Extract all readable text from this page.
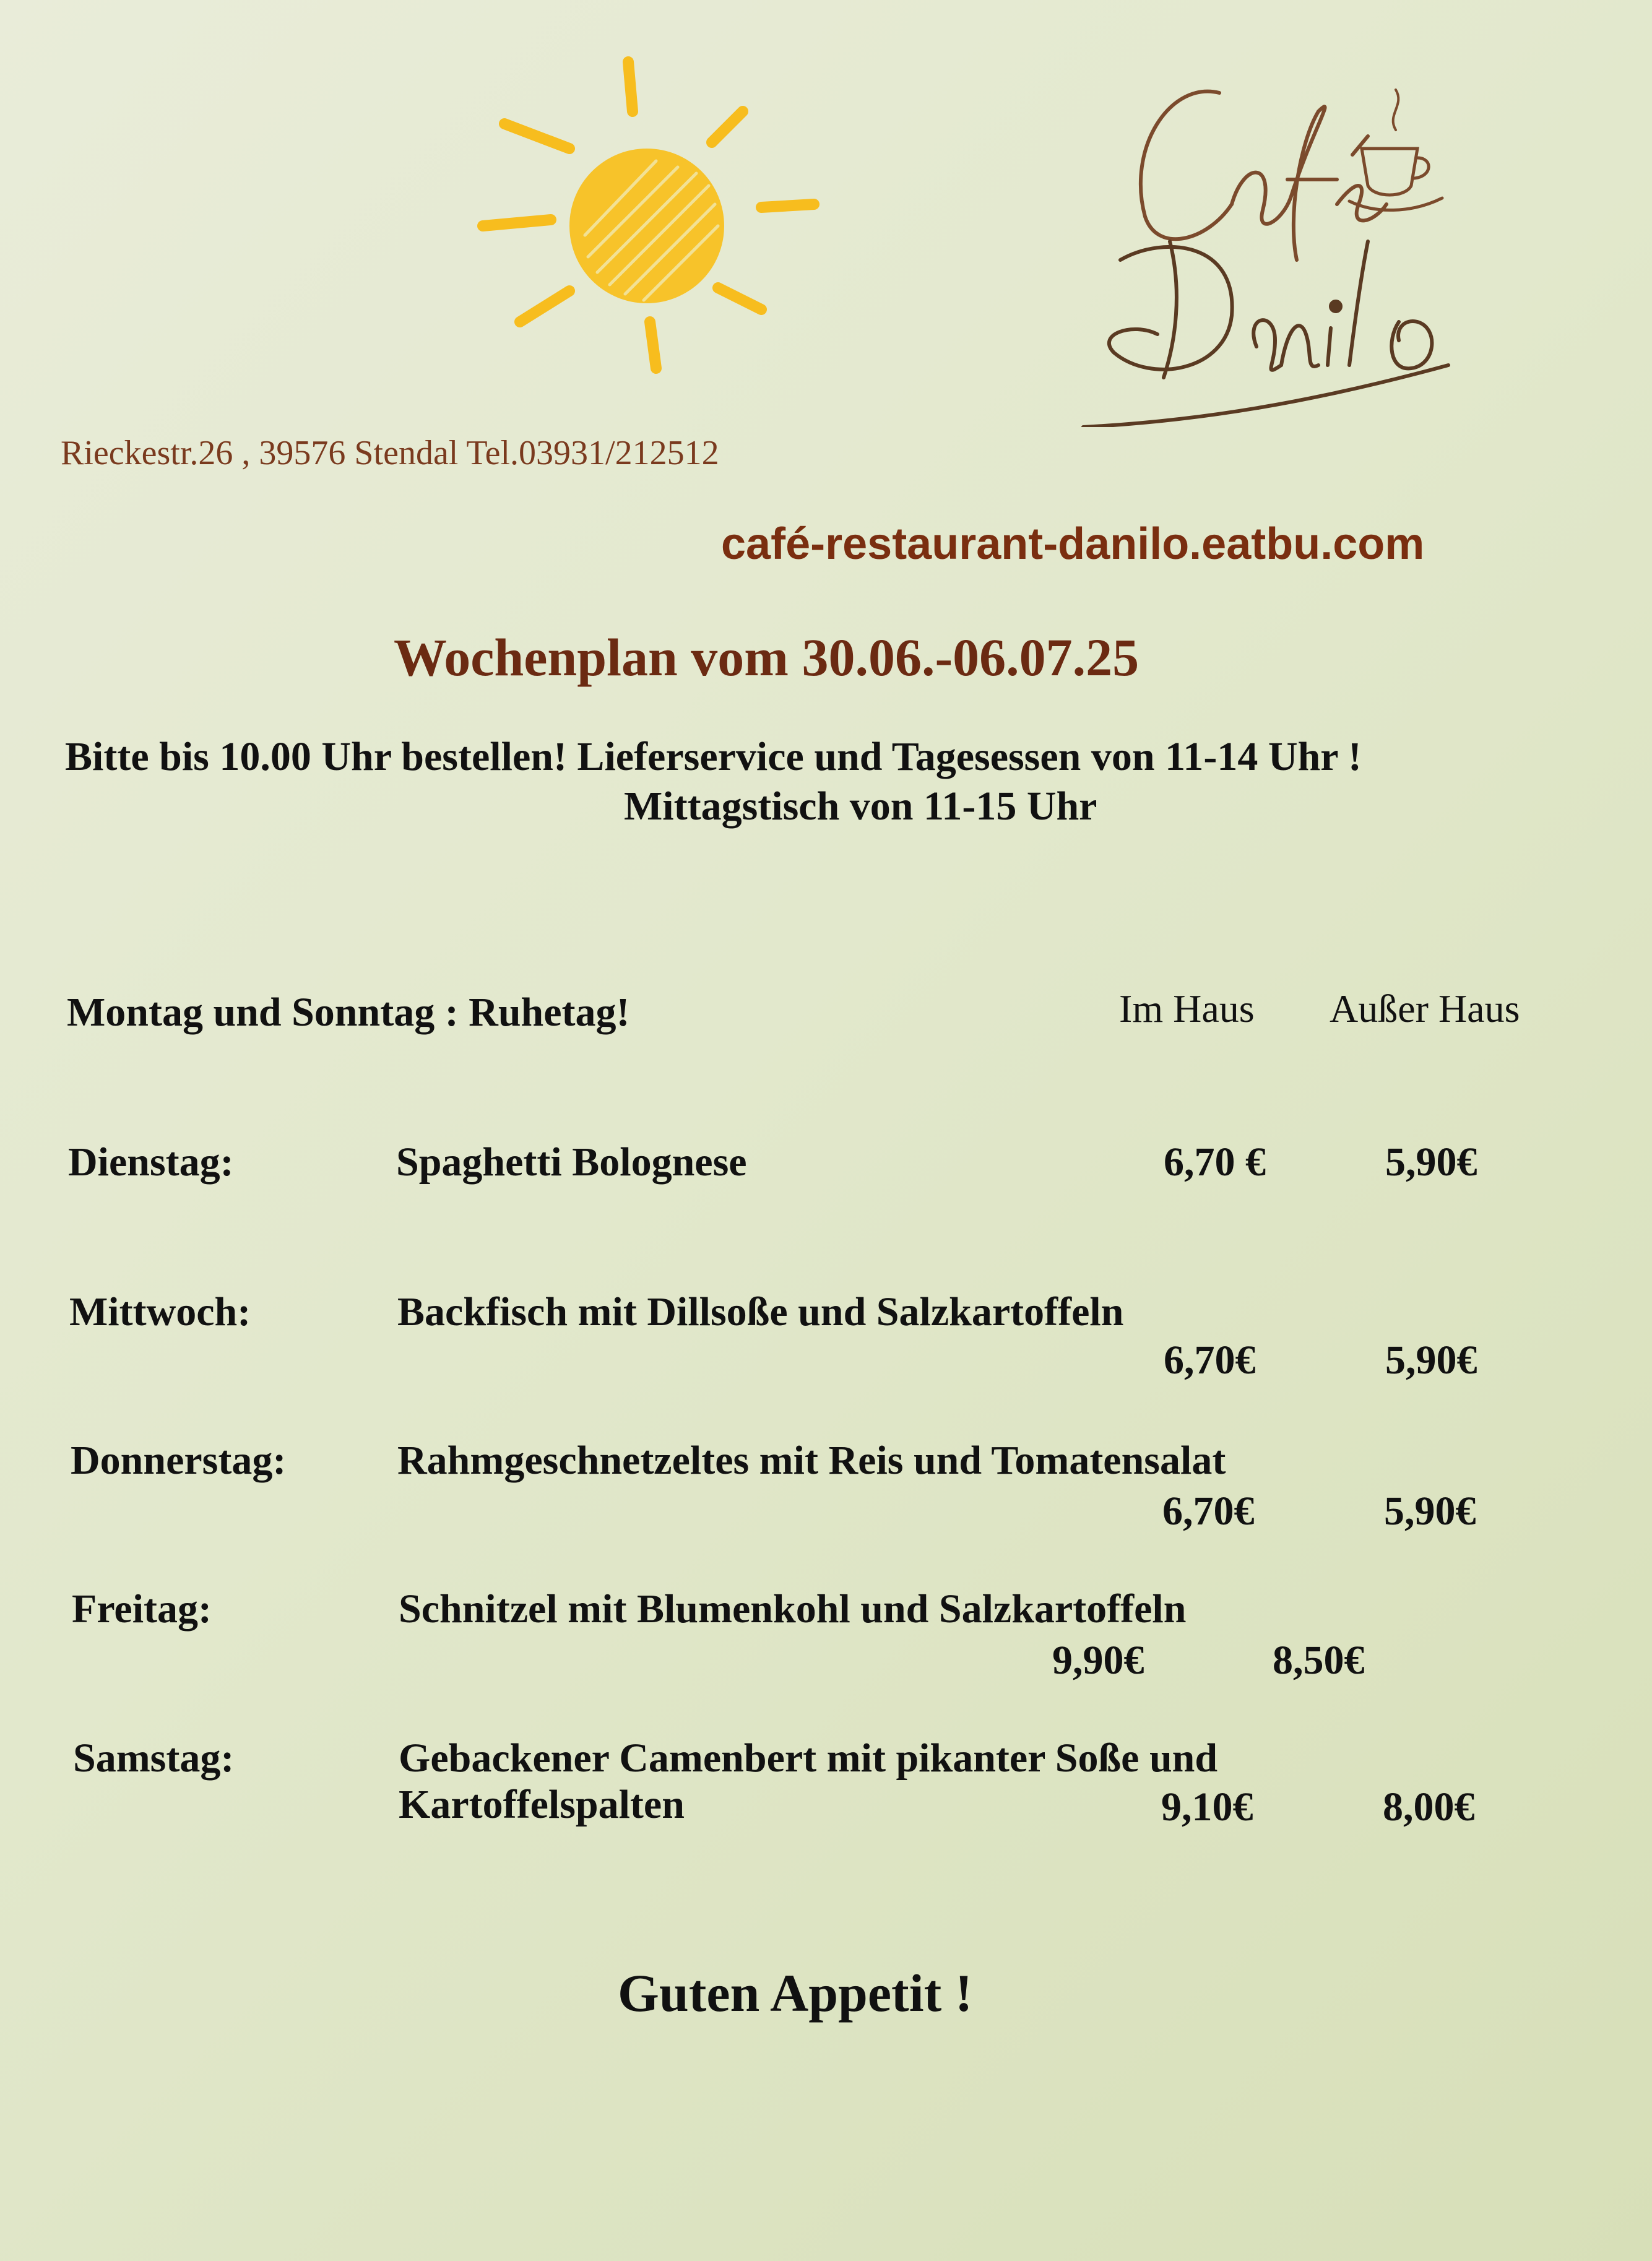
Café Danilo
Rieckestr.26 , 39576 Stendal Tel.03931/212512
café-restaurant-danilo.eatbu.com
Wochenplan vom 30.06.-06.07.25
Bitte bis 10.00 Uhr bestellen! Lieferservice und Tagesessen von 11-14 Uhr !
Mittagstisch von 11-15 Uhr
Montag und Sonntag : Ruhetag!	Im Haus Außer Haus
Dienstag:	Spaghetti Bolognese	6,70 €	5,90€
Mittwoch:	Backfisch mit Dillsoße und Salzkartoffeln
6,70€	5,90€
Donnerstag:	Rahmgeschnetzeltes mit Reis und Tomatensalat
6,70€	5,90€
Freitag:	Schnitzel mit Blumenkohl und Salzkartoffeln
9,90€	8,50€
Samstag:	Gebackener Camenbert mit pikanter Soße und
Kartoffelspalten	9,10€	8,00€
Guten Appetit !
